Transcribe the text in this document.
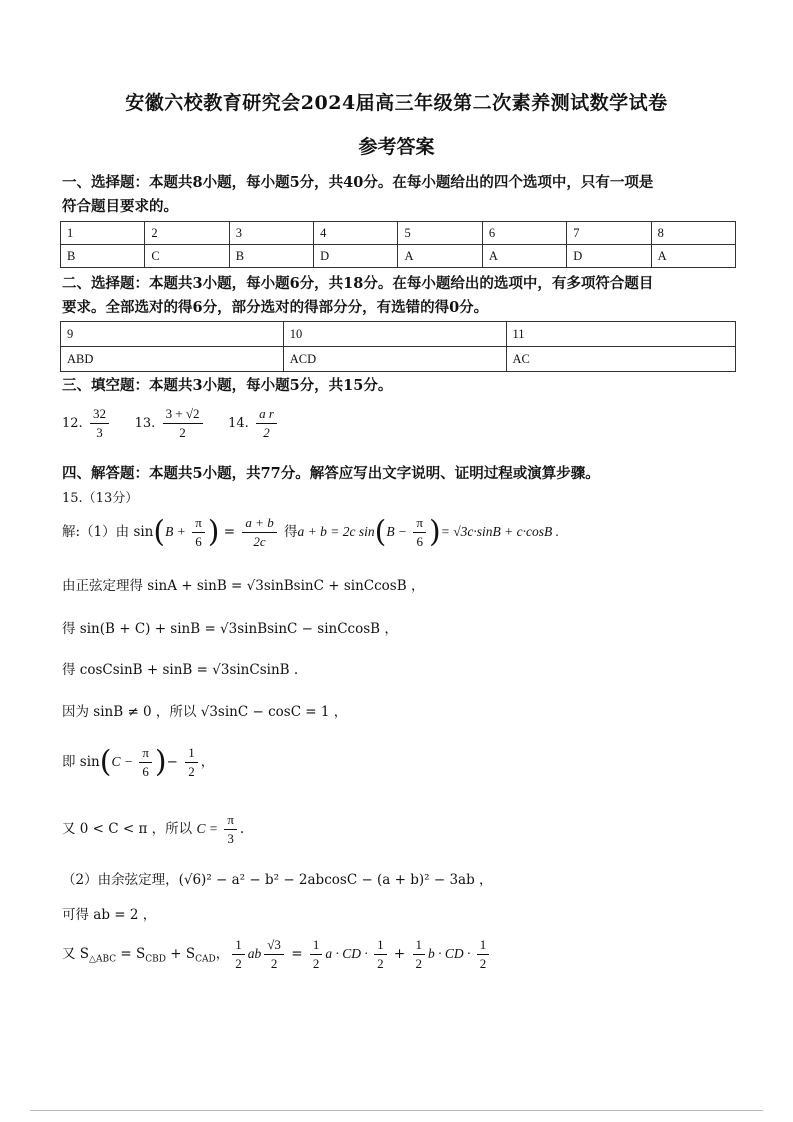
安徽六校教育研究会2024届高三年级第二次素养测试数学试卷
参考答案
一、选择题：本题共8小题，每小题5分，共40分。在每小题给出的四个选项中，只有一项是
符合题目要求的。
1	2	3	4	5	6	7	8
B	C	B	D	A	A	D	A
二、选择题：本题共3小题，每小题6分，共18分。在每小题给出的选项中，有多项符合题目
要求。全部选对的得6分，部分选对的得部分分，有选错的得0分。
9	10	11
ABD	ACD	AC
三、填空题：本题共3小题，每小题5分，共15分。
12. $\frac{32}{3} 13$. $\frac{3 + √2}{2} 14$. $\frac{\text{a r}}{2}$
四、解答题：本题共5小题，共77分。解答应写出文字说明、证明过程或演算步骤。
15.（13分）
解:（1）由 $\sin(B + \frac{\pi}{6}$ ) = $\frac{a + b}{2c}$ 得a + b = 2c $\sin(B - \frac{\pi}{6}$ )= √3c·sinB + c·cosB .
由正弦定理得 sinA + sinB = √3sinBsinC + sinCcosB ，
得 sin(B + C) + sinB = √3sinBsinC − sinCcosB ，
得 cosCsinB + sinB = √3sinCsinB .
因为 sinB ≠ 0 ，所以 √3sinC − cosC = 1 ，
即 $\sin(C - \frac{\pi}{6}$ )− $\frac{1}{2}$ ，
又 0 < C < π ，所以 $C = \frac{\pi}{3}$ .
（2）由余弦定理，(√6)² − a² − b² − 2abcosC − (a + b)² − 3ab ，
可得 ab = 2 ，
又 $S_{\triangle ABC} = S_{CBD} + S_{CAD}$， $\frac{1}{2}$ ab $\frac{√3}{2} = \frac{1}{2}$ a · CD · $\frac{1}{2} + \frac{1}{2}$ b · CD · $\frac{1}{2}$
